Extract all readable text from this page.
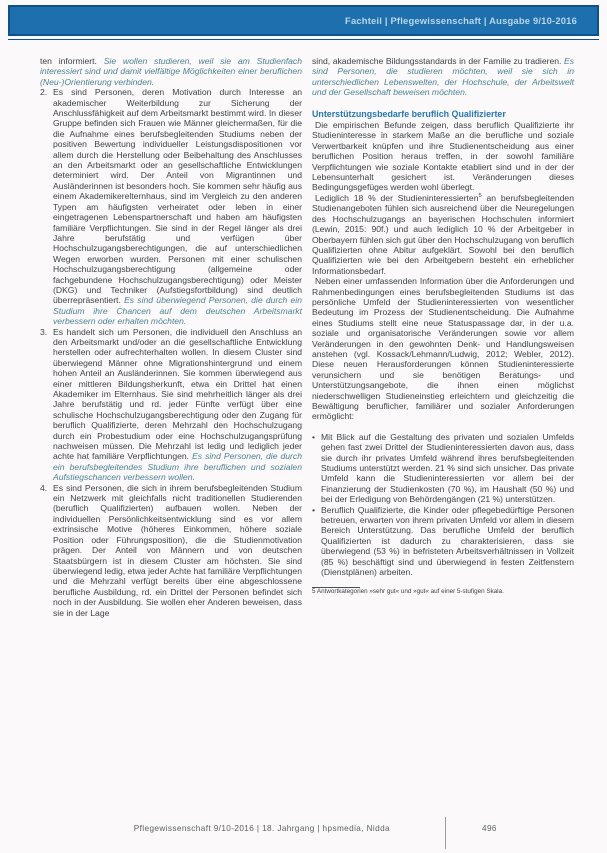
Fachteil | Pflegewissenschaft | Ausgabe 9/10-2016

ten informiert. Sie wollen studieren, weil sie am Studienfach interessiert sind und damit vielfältige Möglichkeiten einer beruflichen (Neu-)Orientierung verbinden.

2. Es sind Personen, deren Motivation durch Interesse an akademischer Weiterbildung zur Sicherung der Anschlussfähigkeit auf dem Arbeitsmarkt bestimmt wird. In dieser Gruppe befinden sich Frauen wie Männer gleichermaßen, für die die Aufnahme eines berufsbegleitenden Studiums neben der positiven Bewertung individueller Leistungsdispositionen vor allem durch die Herstellung oder Beibehaltung des Anschlusses an den Arbeitsmarkt oder an gesellschaftliche Entwicklungen determiniert wird. Der Anteil von Migrantinnen und Ausländerinnen ist besonders hoch. Sie kommen sehr häufig aus einem Akademikerelternhaus, sind im Vergleich zu den anderen Typen am häufigsten verheiratet oder leben in einer eingetragenen Lebenspartnerschaft und haben am häufigsten familiäre Verpflichtungen. Sie sind in der Regel länger als drei Jahre berufstätig und verfügen über Hochschulzugangsberechtigungen, die auf unterschiedlichen Wegen erworben wurden. Personen mit einer schulischen Hochschulzugangsberechtigung (allgemeine oder fachgebundene Hochschulzugangsberechtigung) oder Meister (DKG) und Techniker (Aufstiegsfortbildung) sind deutlich überrepräsentiert. Es sind überwiegend Personen, die durch ein Studium ihre Chancen auf dem deutschen Arbeitsmarkt verbessern oder erhalten möchten.
3. Es handelt sich um Personen, die individuell den Anschluss an den Arbeitsmarkt und/oder an die gesellschaftliche Entwicklung herstellen oder aufrechterhalten wollen. In diesem Cluster sind überwiegend Männer ohne Migrationshintergrund und einem hohen Anteil an Ausländerinnen. Sie kommen überwiegend aus einer mittleren Bildungsherkunft, etwa ein Drittel hat einen Akademiker im Elternhaus. Sie sind mehrheitlich länger als drei Jahre berufstätig und rd. jeder Fünfte verfügt über eine schulische Hochschulzugangsberechtigung oder den Zugang für beruflich Qualifizierte, deren Mehrzahl den Hochschulzugang durch ein Probestudium oder eine Hochschulzugangsprüfung nachweisen müssen. Die Mehrzahl ist ledig und lediglich jeder achte hat familiäre Verpflichtungen. Es sind Personen, die durch ein berufsbegleitendes Studium ihre beruflichen und sozialen Aufstiegschancen verbessern wollen.
4. Es sind Personen, die sich in ihrem berufsbegleitenden Studium ein Netzwerk mit gleichfalls nicht traditionellen Studierenden (beruflich Qualifizierten) aufbauen wollen. Neben der individuellen Persönlichkeitsentwicklung sind es vor allem extrinsische Motive (höheres Einkommen, höhere soziale Position oder Führungsposition), die die Studienmotivation prägen. Der Anteil von Männern und von deutschen Staatsbürgern ist in diesem Cluster am höchsten. Sie sind überwiegend ledig, etwa jeder Achte hat familiäre Verpflichtungen und die Mehrzahl verfügt bereits über eine abgeschlossene berufliche Ausbildung, rd. ein Drittel der Personen befindet sich noch in der Ausbildung. Sie wollen eher Anderen beweisen, dass sie in der Lage

sind, akademische Bildungsstandards in der Familie zu tradieren. Es sind Personen, die studieren möchten, weil sie sich in unterschiedlichen Lebenswelten, der Hochschule, der Arbeitswelt und der Gesellschaft beweisen möchten.

Unterstützungsbedarfe beruflich Qualifizierter

Die empirischen Befunde zeigen, dass beruflich Qualifizierte ihr Studieninteresse in starkem Maße an die berufliche und soziale Verwertbarkeit knüpfen und ihre Studienentscheidung aus einer beruflichen Position heraus treffen, in der sowohl familiäre Verpflichtungen wie soziale Kontakte etabliert sind und in der der Lebensunterhalt gesichert ist. Veränderungen dieses Bedingungsgefüges werden wohl überlegt.

Lediglich 18 % der Studieninteressierten$^5$ an berufsbegleitenden Studienangeboten fühlen sich ausreichend über die Neuregelungen des Hochschulzugangs an bayerischen Hochschulen informiert (Lewin, 2015: 90f.) und auch lediglich 10 % der Arbeitgeber in Oberbayern fühlen sich gut über den Hochschulzugang von beruflich Qualifizierten ohne Abitur aufgeklärt. Sowohl bei den beruflich Qualifizierten wie bei den Arbeitgebern besteht ein erheblicher Informationsbedarf.

Neben einer umfassenden Information über die Anforderungen und Rahmenbedingungen eines berufsbegleitenden Studiums ist das persönliche Umfeld der Studieninteressierten von wesentlicher Bedeutung im Prozess der Studienentscheidung. Die Aufnahme eines Studiums stellt eine neue Statuspassage dar, in der u.a. soziale und organisatorische Veränderungen sowie vor allem Veränderungen in den gewohnten Denk- und Handlungsweisen anstehen (vgl. Kossack/Lehmann/Ludwig, 2012; Webler, 2012). Diese neuen Herausforderungen können Studieninteressierte verunsichern und sie benötigen Beratungs- und Unterstützungsangebote, die ihnen einen möglichst niederschwelligen Studieneinstieg erleichtern und gleichzeitig die Bewältigung beruflicher, familiärer und sozialer Anforderungen ermöglicht:

• Mit Blick auf die Gestaltung des privaten und sozialen Umfelds gehen fast zwei Drittel der Studieninteressierten davon aus, dass sie durch ihr privates Umfeld während ihres berufsbegleitenden Studiums unterstützt werden. 21 % sind sich unsicher. Das private Umfeld kann die Studieninteressierten vor allem bei der Finanzierung der Studienkosten (70 %), im Haushalt (50 %) und bei der Erledigung von Behördengängen (21 %) unterstützen.
• Beruflich Qualifizierte, die Kinder oder pflegebedürftige Personen betreuen, erwarten von ihrem privaten Umfeld vor allem in diesem Bereich Unterstützung. Das berufliche Umfeld der beruflich Qualifizierten ist dadurch zu charakterisieren, dass sie überwiegend (53 %) in befristeten Arbeitsverhältnissen in Vollzeit (85 %) beschäftigt sind und überwiegend in festen Zeitfenstern (Dienstplänen) arbeiten.

5 Antwortkategorien »sehr gut« und »gut« auf einer 5-stufigen Skala.

Pflegewissenschaft 9/10-2016 | 18. Jahrgang | hpsmedia, Nidda	496
